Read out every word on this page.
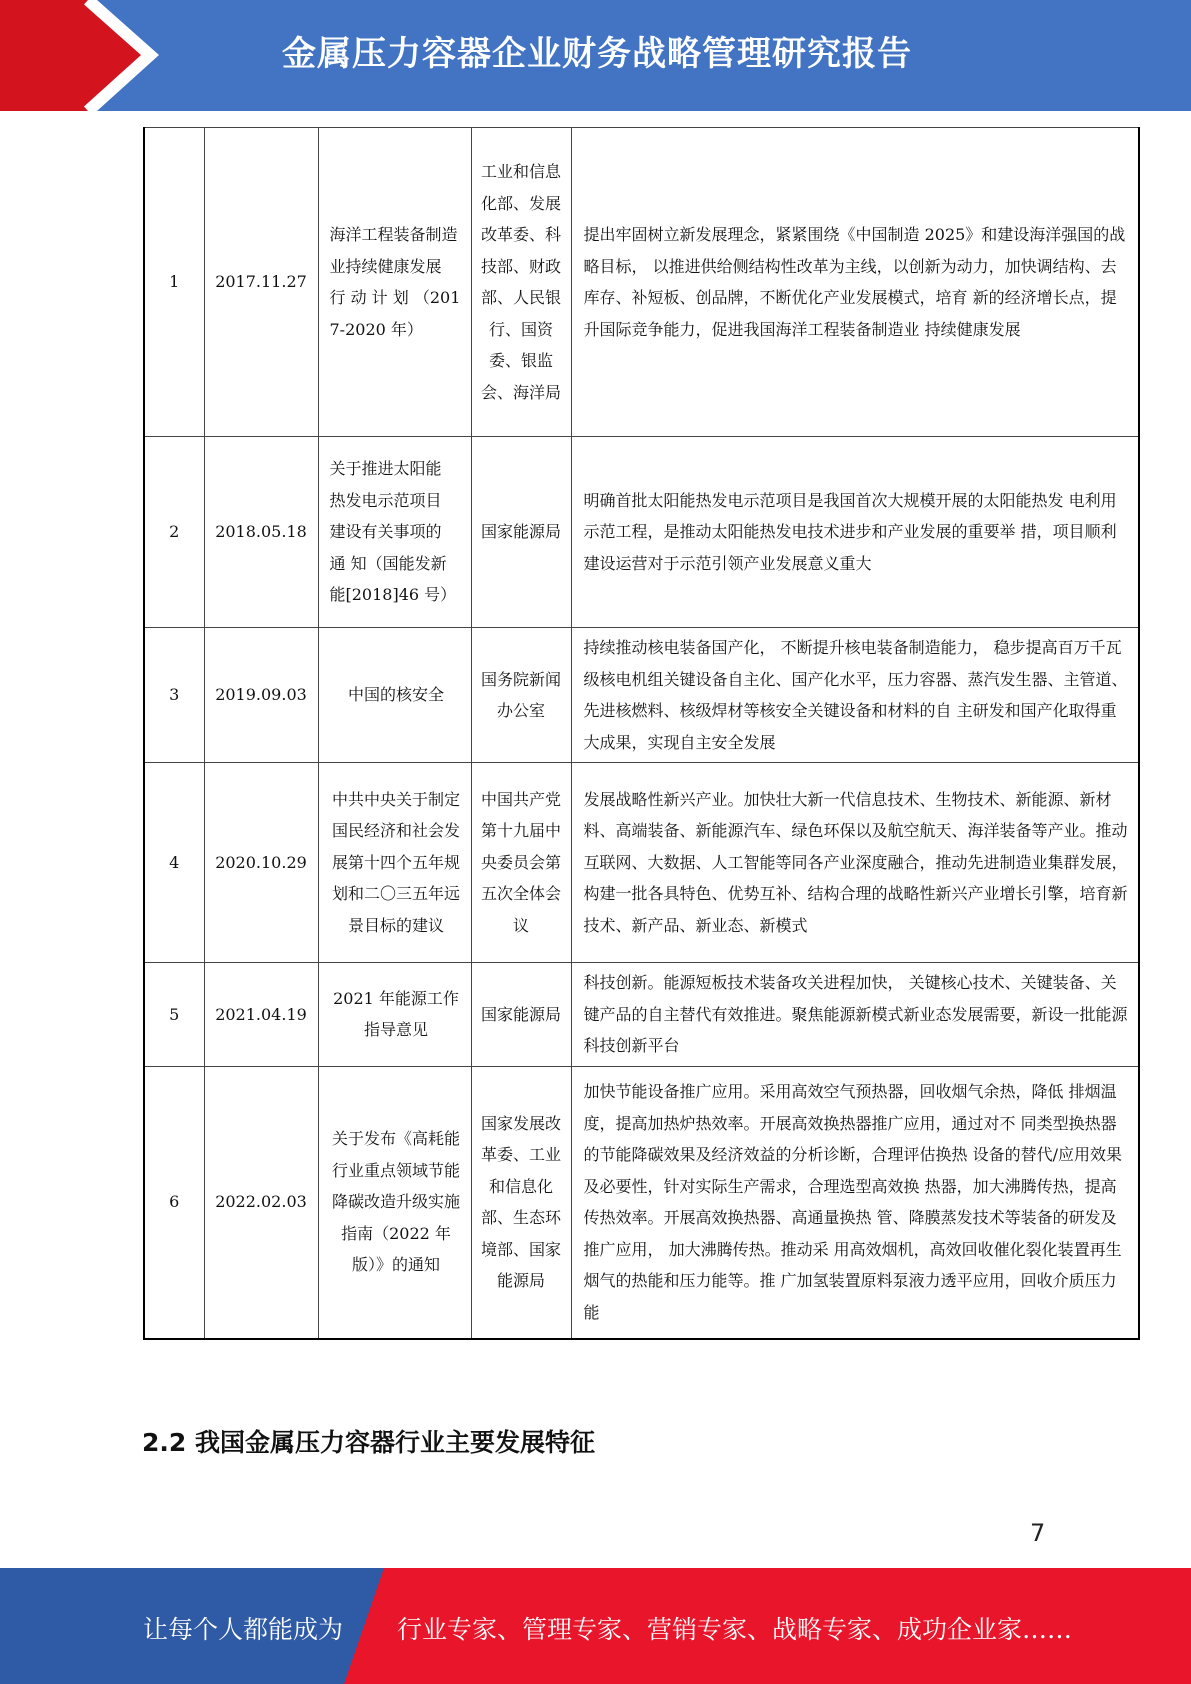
金属压力容器企业财务战略管理研究报告
1	2017.11.27	海洋工程装备制造业持续健康发展 行 动 计 划 （2017-2020 年）	工业和信息化部、发展改革委、科技部、财政部、人民银行、国资委、银监会、海洋局	提出牢固树立新发展理念，紧紧围绕《中国制造 2025》和建设海洋强国的战略目标， 以推进供给侧结构性改革为主线，以创新为动力，加快调结构、去库存、补短板、创品牌，不断优化产业发展模式，培育 新的经济增长点，提升国际竞争能力，促进我国海洋工程装备制造业 持续健康发展
2	2018.05.18	关于推进太阳能 热发电示范项目 建设有关事项的 通 知（国能发新 能[2018]46 号）	国家能源局	明确首批太阳能热发电示范项目是我国首次大规模开展的太阳能热发 电利用示范工程，是推动太阳能热发电技术进步和产业发展的重要举 措，项目顺利建设运营对于示范引领产业发展意义重大
3	2019.09.03	中国的核安全	国务院新闻办公室	持续推动核电装备国产化， 不断提升核电装备制造能力， 稳步提高百万千瓦级核电机组关键设备自主化、国产化水平，压力容器、蒸汽发生器、主管道、先进核燃料、核级焊材等核安全关键设备和材料的自 主研发和国产化取得重大成果，实现自主安全发展
4	2020.10.29	中共中央关于制定国民经济和社会发展第十四个五年规划和二〇三五年远景目标的建议	中国共产党第十九届中央委员会第五次全体会议	发展战略性新兴产业。加快壮大新一代信息技术、生物技术、新能源、新材料、高端装备、新能源汽车、绿色环保以及航空航天、海洋装备等产业。推动互联网、大数据、人工智能等同各产业深度融合，推动先进制造业集群发展，构建一批各具特色、优势互补、结构合理的战略性新兴产业增长引擎，培育新技术、新产品、新业态、新模式
5	2021.04.19	2021 年能源工作 指导意见	国家能源局	科技创新。能源短板技术装备攻关进程加快， 关键核心技术、关键装备、关键产品的自主替代有效推进。聚焦能源新模式新业态发展需要，新设一批能源科技创新平台
6	2022.02.03	关于发布《高耗能行业重点领域节能降碳改造升级实施指南（2022 年版）》的通知	国家发展改革委、工业和信息化部、生态环境部、国家能源局	加快节能设备推广应用。采用高效空气预热器，回收烟气余热，降低 排烟温度，提高加热炉热效率。开展高效换热器推广应用，通过对不 同类型换热器的节能降碳效果及经济效益的分析诊断，合理评估换热 设备的替代/应用效果及必要性，针对实际生产需求，合理选型高效换 热器，加大沸腾传热，提高传热效率。开展高效换热器、高通量换热 管、降膜蒸发技术等装备的研发及推广应用， 加大沸腾传热。推动采 用高效烟机，高效回收催化裂化装置再生烟气的热能和压力能等。推 广加氢装置原料泵液力透平应用，回收介质压力能
2.2 我国金属压力容器行业主要发展特征
7
让每个人都能成为 行业专家、管理专家、营销专家、战略专家、成功企业家……
